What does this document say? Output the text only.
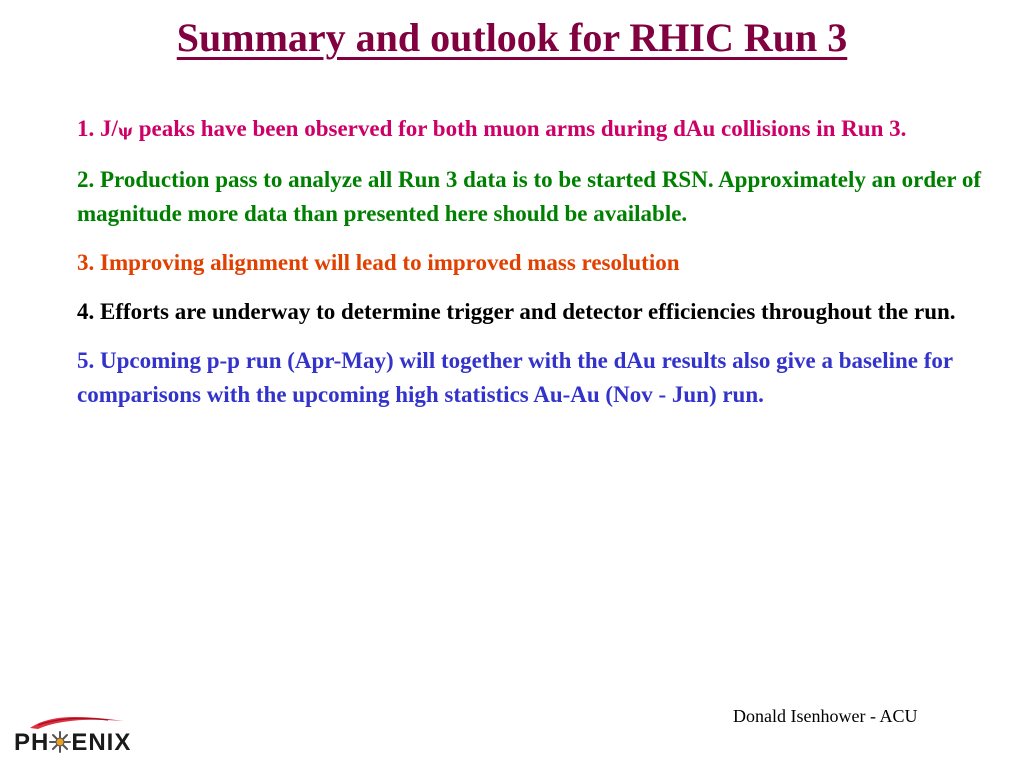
Summary and outlook for RHIC Run 3
1. J/ψ peaks have been observed for both muon arms during dAu collisions in Run 3.
2. Production pass to analyze all Run 3 data is to be started RSN. Approximately an order of magnitude more data than presented here should be available.
3. Improving alignment will lead to improved mass resolution
4. Efforts are underway to determine trigger and detector efficiencies throughout the run.
5. Upcoming p-p run (Apr-May) will together with the dAu results also give a baseline for comparisons with the upcoming high statistics Au-Au (Nov - Jun) run.
Donald Isenhower - ACU
PH ENIX
